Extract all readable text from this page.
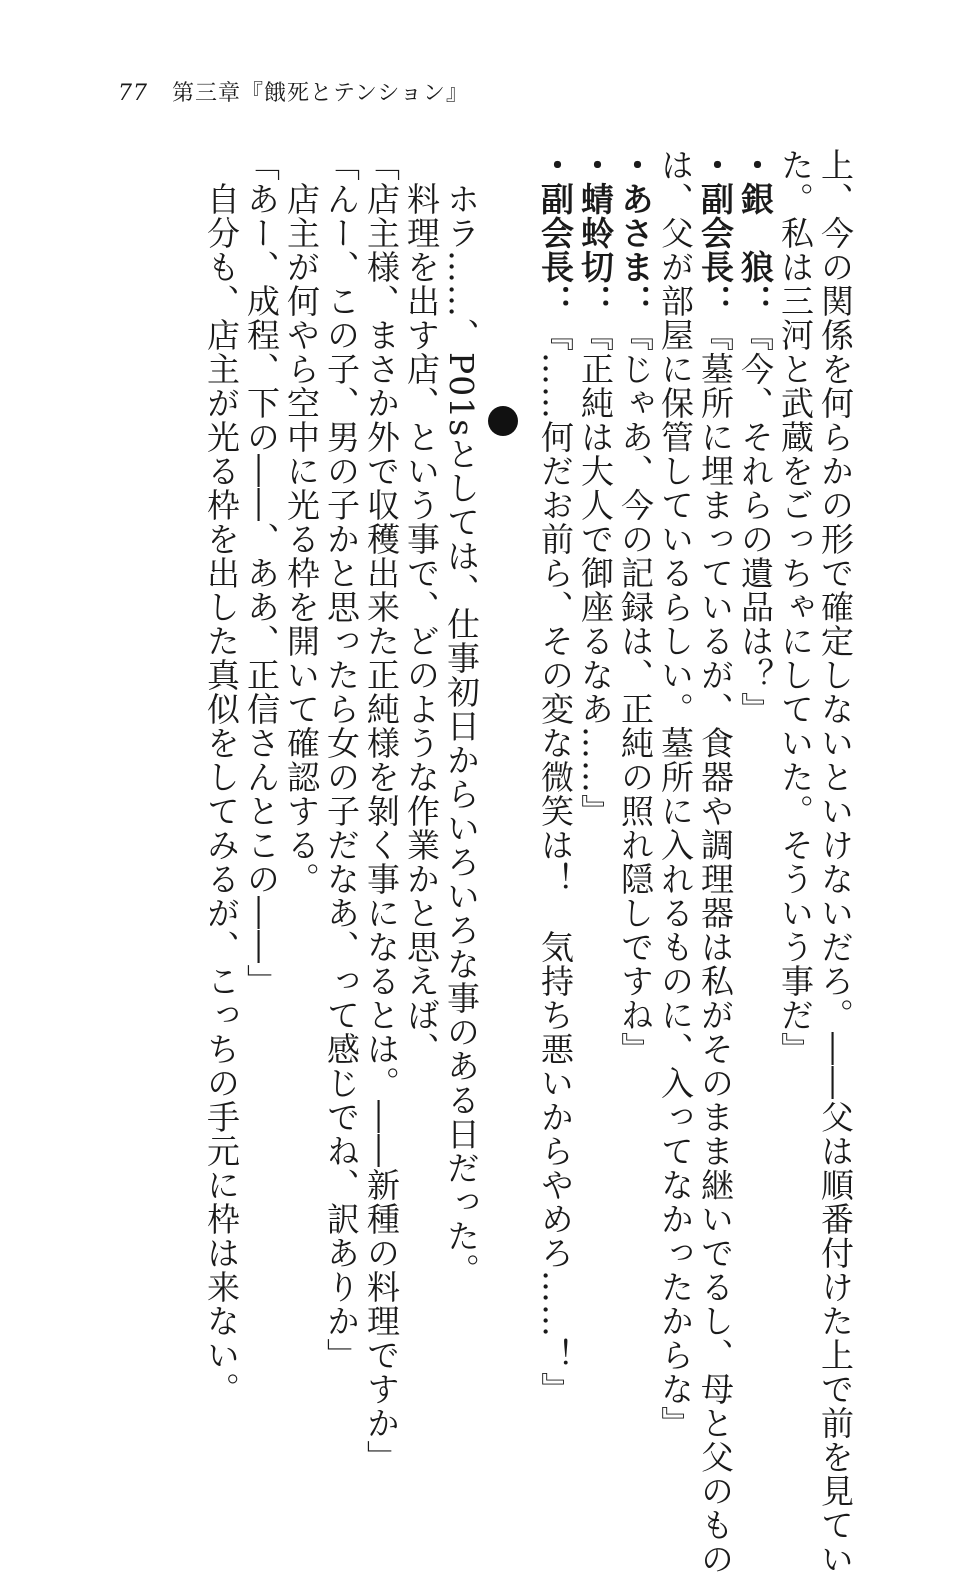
77 第三章『餓死とテンション』
上、今の関係を何らかの形で確定しないといけないだろ。――父は順番付けた上で前を見てい
た。私は三河と武蔵をごっちゃにしていた。そういう事だ』
・銀　狼：『今、それらの遺品は？』
・副会長：『墓所に埋まっているが、食器や調理器は私がそのまま継いでるし、母と父のもの
は、父が部屋に保管しているらしい。墓所に入れるものに、入ってなかったからな』
・あさま：『じゃあ、今の記録は、正純の照れ隠しですね』
・蜻蛉切：『正純は大人で御座るなあ……』
・副会長：『……何だお前ら、その変な微笑は！　気持ち悪いからやめろ……！』
　ホラ……、P01sとしては、仕事初日からいろいろな事のある日だった。
　料理を出す店、という事で、どのような作業かと思えば、
「店主様、まさか外で収穫出来た正純様を剝く事になるとは。――新種の料理ですか」
「んー、この子、男の子かと思ったら女の子だなあ、って感じでね、訳ありか」
　店主が何やら空中に光る枠を開いて確認する。
「あー、成程、下の――、ああ、正信さんとこの――」
　自分も、店主が光る枠を出した真似をしてみるが、こっちの手元に枠は来ない。
